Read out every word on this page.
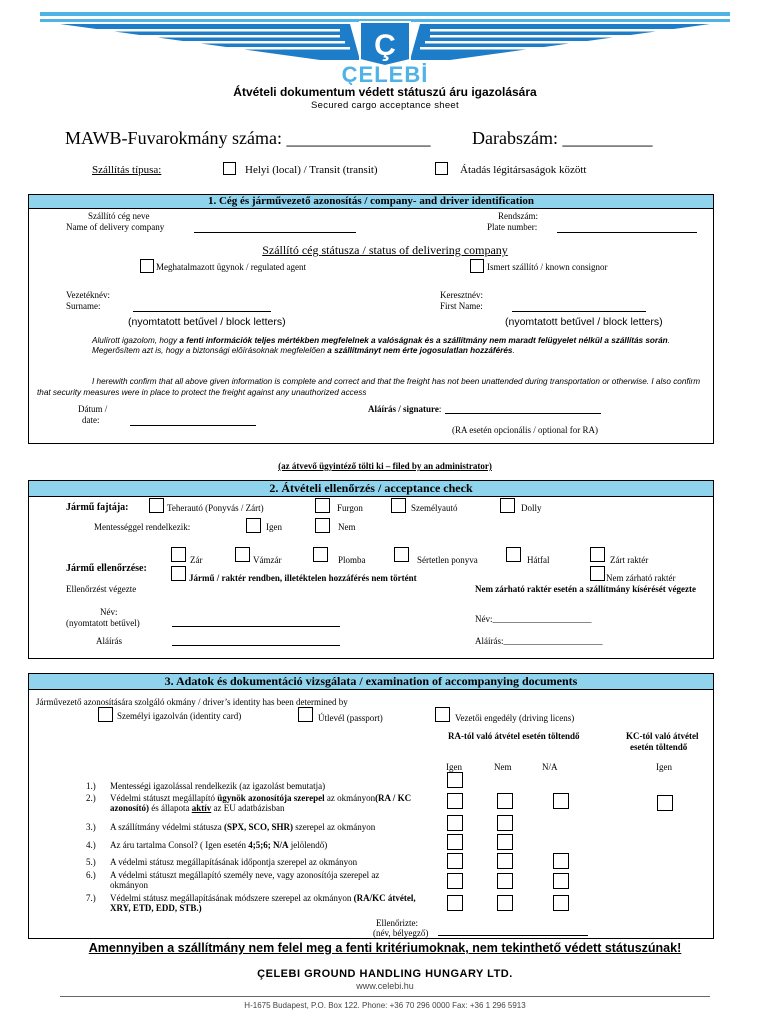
Ç
ÇELEBİ
Átvételi dokumentum védett státuszú áru igazolására
Secured cargo acceptance sheet
MAWB-Fuvarokmány száma: ________________ Darabszám: __________
Szállítás típusa:	Helyi (local) / Transit (transit)	Átadás légitársaságok között
1. Cég és járművezető azonosítás / company- and driver identification
Szállító cég neve
Name of delivery company
Rendszám:
Plate number:
Szállító cég státusza / status of delivering company
Meghatalmazott ügynok / regulated agent	Ismert szállító / known consignor
Vezetéknév:
Surname:
Keresztnév:
First Name:
(nyomtatott betűvel / block letters)	(nyomtatott betűvel / block letters)
Alulírott igazolom, hogy a fenti információk teljes mértékben megfelelnek a valóságnak és a szállítmány nem maradt felügyelet nélkül a szállítás során. Megerősítem azt is, hogy a biztonsági előírásoknak megfelelően a szállítmányt nem érte jogosulatlan hozzáférés.
I herewith confirm that all above given information is complete and correct and that the freight has not been unattended during transportation or otherwise. I also confirm that security measures were in place to protect the freight against any unauthorized access
Dátum /
date:
Aláírás / signature:
(RA esetén opcionális / optional for RA)
(az átvevő ügyintéző tölti ki – filed by an administrator)
2. Átvételi ellenőrzés / acceptance check
Jármű fajtája:	Teherautó (Ponyvás / Zárt)	Furgon	Személyautó	Dolly
Mentességgel rendelkezik:	Igen	Nem
Jármű ellenőrzése:
Zár	Vámzár	Plomba	Sértetlen ponyva	Hátfal	Zárt raktér
Jármű / raktér rendben, illetéktelen hozzáférés nem történt	Nem zárható raktér
Ellenőrzést végezte	Nem zárható raktér esetén a szállítmány kísérését végezte
Név:
(nyomtatott betűvel)	Név:______________________
Aláírás	Aláírás:______________________
3. Adatok és dokumentáció vizsgálata / examination of accompanying documents
Járművezető azonosítására szolgáló okmány / driver’s identity has been determined by
Személyi igazolván (identity card)	Útlevél (passport)	Vezetői engedély (driving licens)
RA-tól való átvétel esetén töltendő	KC-tól való átvétel
esetén töltendő
Igen	Nem	N/A	Igen
1.) Mentességi igazolással rendelkezik (az igazolást bemutatja)
2.) Védelmi státuszt megállapító ügynök azonosítója szerepel az okmányon(RA / KC azonosító) és állapota aktív az EU adatbázisban
3.) A szállítmány védelmi státusza (SPX, SCO, SHR) szerepel az okmányon
4.) Az áru tartalma Consol? ( Igen esetén 4;5;6; N/A jelölendő)
5.) A védelmi státusz megállapításának időpontja szerepel az okmányon
6.) A védelmi státuszt megállapító személy neve, vagy azonosítója szerepel az okmányon
7.) Védelmi státusz megállapításának módszere szerepel az okmányon (RA/KC átvétel, XRY, ETD, EDD, STB.)
Ellenőrizte:
(név, bélyegző)
Amennyiben a szállítmány nem felel meg a fenti kritériumoknak, nem tekinthető védett státuszúnak!
ÇELEBI GROUND HANDLING HUNGARY LTD.
www.celebi.hu
H-1675 Budapest, P.O. Box 122. Phone: +36 70 296 0000 Fax: +36 1 296 5913
